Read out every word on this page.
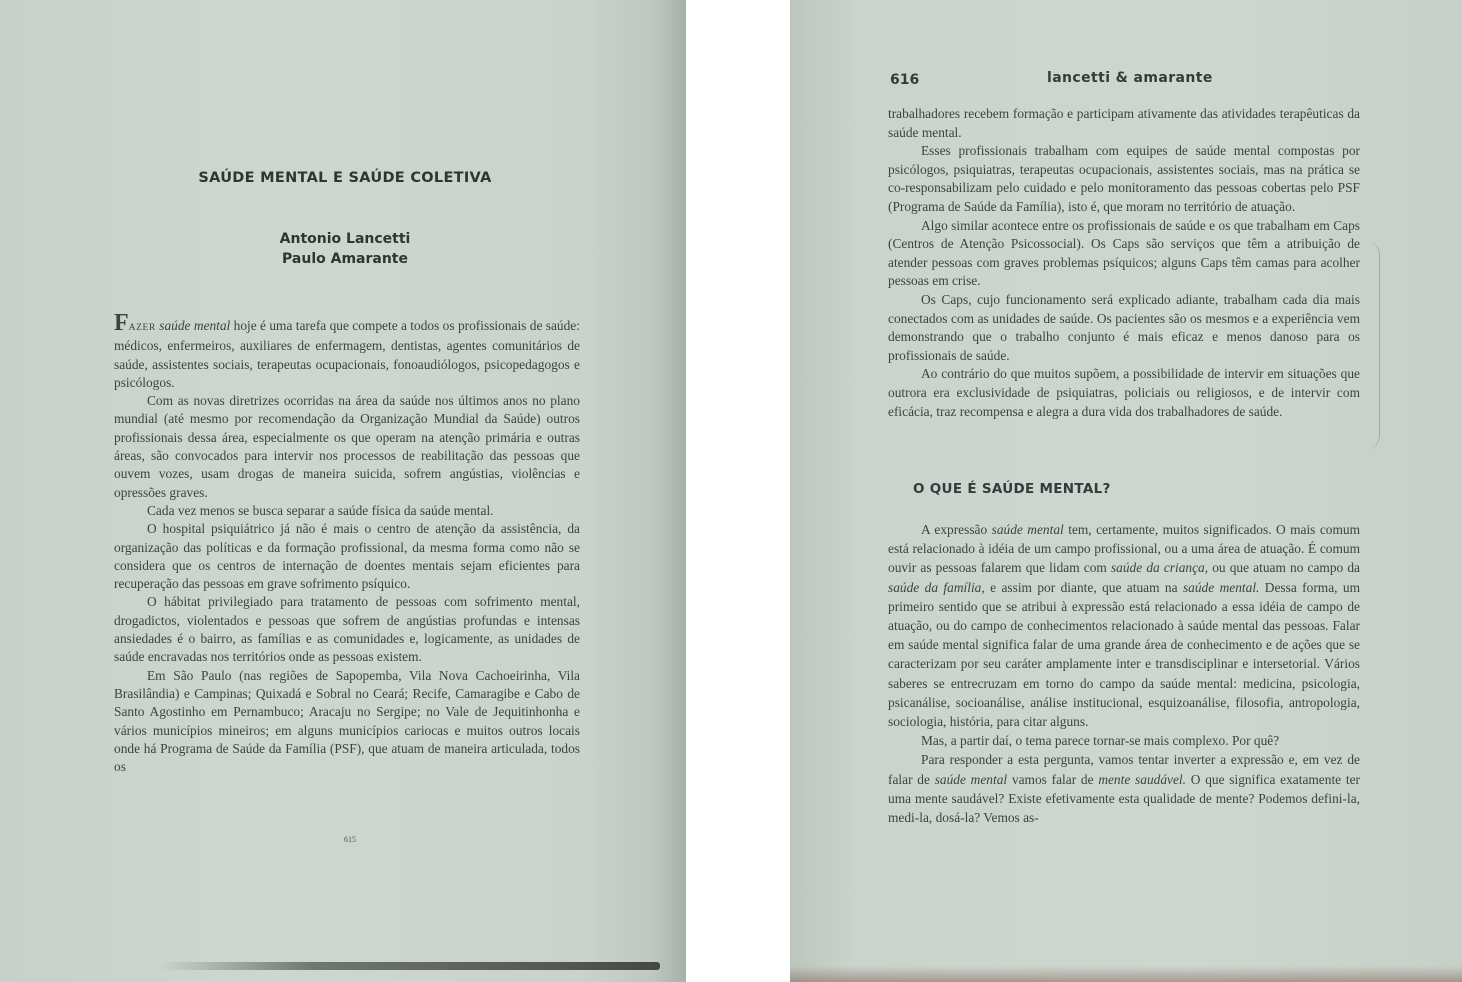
SAÚDE MENTAL E SAÚDE COLETIVA
Antonio Lancetti
Paulo Amarante

FAZER saúde mental hoje é uma tarefa que compete a todos os profissionais de saúde: médicos, enfermeiros, auxiliares de enfermagem, dentistas, agentes comunitários de saúde, assistentes sociais, terapeutas ocupacionais, fonoaudiólogos, psicopedagogos e psicólogos.

Com as novas diretrizes ocorridas na área da saúde nos últimos anos no plano mundial (até mesmo por recomendação da Organização Mundial da Saúde) outros profissionais dessa área, especialmente os que operam na atenção primária e outras áreas, são convocados para intervir nos processos de reabilitação das pessoas que ouvem vozes, usam drogas de maneira suicida, sofrem angústias, violências e opressões graves.

Cada vez menos se busca separar a saúde física da saúde mental.

O hospital psiquiátrico já não é mais o centro de atenção da assistência, da organização das políticas e da formação profissional, da mesma forma como não se considera que os centros de internação de doentes mentais sejam eficientes para recuperação das pessoas em grave sofrimento psíquico.

O hábitat privilegiado para tratamento de pessoas com sofrimento mental, drogadictos, violentados e pessoas que sofrem de angústias profundas e intensas ansiedades é o bairro, as famílias e as comunidades e, logicamente, as unidades de saúde encravadas nos territórios onde as pessoas existem.

Em São Paulo (nas regiões de Sapopemba, Vila Nova Cachoeirinha, Vila Brasilândia) e Campinas; Quixadá e Sobral no Ceará; Recife, Camaragibe e Cabo de Santo Agostinho em Pernambuco; Aracaju no Sergipe; no Vale de Jequitinhonha e vários municípios mineiros; em alguns municípios cariocas e muitos outros locais onde há Programa de Saúde da Família (PSF), que atuam de maneira articulada, todos os

615
616	lancetti & amarante

trabalhadores recebem formação e participam ativamente das atividades terapêuticas da saúde mental.

Esses profissionais trabalham com equipes de saúde mental compostas por psicólogos, psiquiatras, terapeutas ocupacionais, assistentes sociais, mas na prática se co-responsabilizam pelo cuidado e pelo monitoramento das pessoas cobertas pelo PSF (Programa de Saúde da Família), isto é, que moram no território de atuação.

Algo similar acontece entre os profissionais de saúde e os que trabalham em Caps (Centros de Atenção Psicossocial). Os Caps são serviços que têm a atribuição de atender pessoas com graves problemas psíquicos; alguns Caps têm camas para acolher pessoas em crise.

Os Caps, cujo funcionamento será explicado adiante, trabalham cada dia mais conectados com as unidades de saúde. Os pacientes são os mesmos e a experiência vem demonstrando que o trabalho conjunto é mais eficaz e menos danoso para os profissionais de saúde.

Ao contrário do que muitos supõem, a possibilidade de intervir em situações que outrora era exclusividade de psiquiatras, policiais ou religiosos, e de intervir com eficácia, traz recompensa e alegra a dura vida dos trabalhadores de saúde.

O QUE É SAÚDE MENTAL?

A expressão saúde mental tem, certamente, muitos significados. O mais comum está relacionado à idéia de um campo profissional, ou a uma área de atuação. É comum ouvir as pessoas falarem que lidam com saúde da criança, ou que atuam no campo da saúde da família, e assim por diante, que atuam na saúde mental. Dessa forma, um primeiro sentido que se atribui à expressão está relacionado a essa idéia de campo de atuação, ou do campo de conhecimentos relacionado à saúde mental das pessoas. Falar em saúde mental significa falar de uma grande área de conhecimento e de ações que se caracterizam por seu caráter amplamente inter e transdisciplinar e intersetorial. Vários saberes se entrecruzam em torno do campo da saúde mental: medicina, psicologia, psicanálise, socioanálise, análise institucional, esquizoanálise, filosofia, antropologia, sociologia, história, para citar alguns.

Mas, a partir daí, o tema parece tornar-se mais complexo. Por quê?

Para responder a esta pergunta, vamos tentar inverter a expressão e, em vez de falar de saúde mental vamos falar de mente saudável. O que significa exatamente ter uma mente saudável? Existe efetivamente esta qualidade de mente? Podemos defini-la, medi-la, dosá-la? Vemos as-
